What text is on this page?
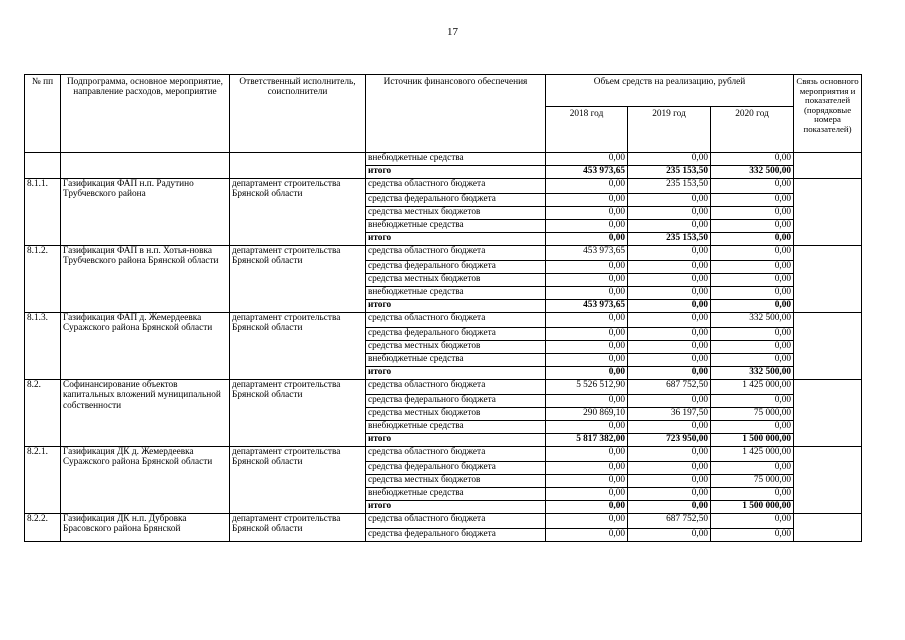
17
№ пп	Подпрограмма, основное мероприятие, направление расходов, мероприятие	Ответственный исполнитель, соисполнители	Источник финансового обеспечения	Объем средств на реализацию, рублей			Связь основного мероприятия и показателей (порядковые номера показателей)
				2018 год	2019 год	2020 год	
			внебюджетные средства	0,00	0,00	0,00	
			итого	453 973,65	235 153,50	332 500,00	
8.1.1.	Газификация ФАП н.п. Радутино Трубчевского района	департамент строительства Брянской области	средства областного бюджета	0,00	235 153,50	0,00	
			средства федерального бюджета	0,00	0,00	0,00	
			средства местных бюджетов	0,00	0,00	0,00	
			внебюджетные средства	0,00	0,00	0,00	
			итого	0,00	235 153,50	0,00	
8.1.2.	Газификация ФАП в н.п. Хотья-новка Трубчевского района Брянской области	департамент строительства Брянской области	средства областного бюджета	453 973,65	0,00	0,00	
			средства федерального бюджета	0,00	0,00	0,00	
			средства местных бюджетов	0,00	0,00	0,00	
			внебюджетные средства	0,00	0,00	0,00	
			итого	453 973,65	0,00	0,00	
8.1.3.	Газификация ФАП д. Жемердеевка Суражского района Брянской области	департамент строительства Брянской области	средства областного бюджета	0,00	0,00	332 500,00	
			средства федерального бюджета	0,00	0,00	0,00	
			средства местных бюджетов	0,00	0,00	0,00	
			внебюджетные средства	0,00	0,00	0,00	
			итого	0,00	0,00	332 500,00	
8.2.	Софинансирование объектов капитальных вложений муниципальной собственности	департамент строительства Брянской области	средства областного бюджета	5 526 512,90	687 752,50	1 425 000,00	
			средства федерального бюджета	0,00	0,00	0,00	
			средства местных бюджетов	290 869,10	36 197,50	75 000,00	
			внебюджетные средства	0,00	0,00	0,00	
			итого	5 817 382,00	723 950,00	1 500 000,00	
8.2.1.	Газификация ДК д. Жемердеевка Суражского района Брянской области	департамент строительства Брянской области	средства областного бюджета	0,00	0,00	1 425 000,00	
			средства федерального бюджета	0,00	0,00	0,00	
			средства местных бюджетов	0,00	0,00	75 000,00	
			внебюджетные средства	0,00	0,00	0,00	
			итого	0,00	0,00	1 500 000,00	
8.2.2.	Газификация ДК н.п. Дубровка Брасовского района Брянской	департамент строительства Брянской области	средства областного бюджета	0,00	687 752,50	0,00	
			средства федерального бюджета	0,00	0,00	0,00	
